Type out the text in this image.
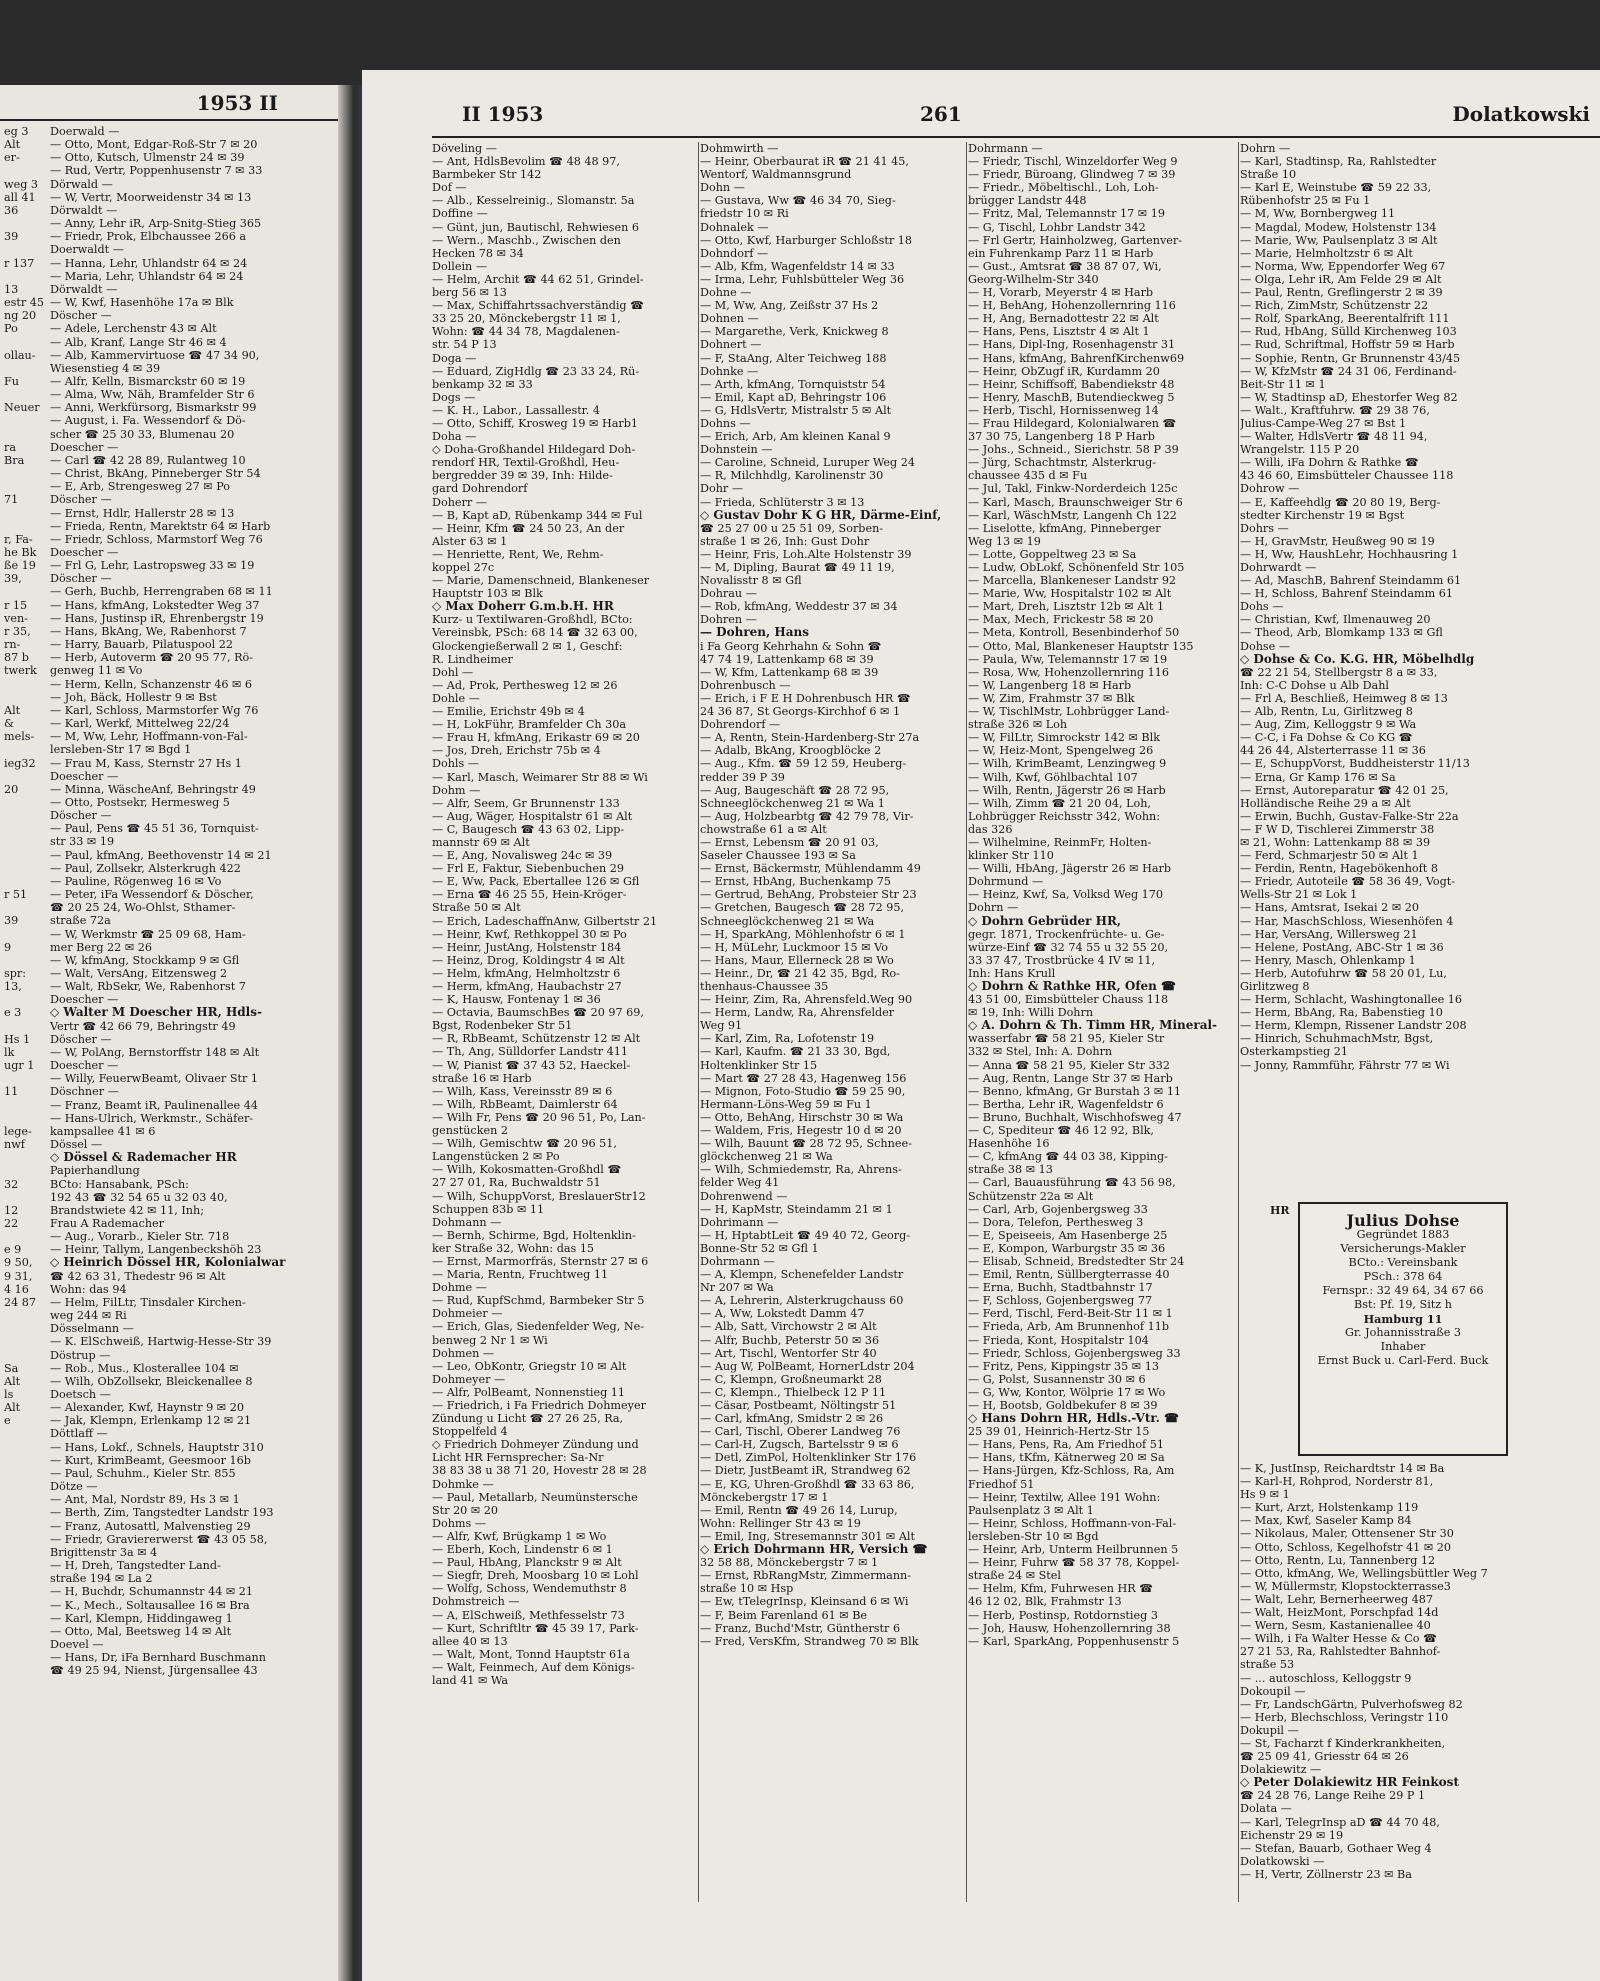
1953 II
eg 3
Alt
er-

weg 3
all 41
36

39

r 137

13
estr 45
ng 20
Po

ollau-

Fu

Neuer

ra
Bra

71

r, Fa-
he Bk
ße 19
39,

r 15
ven-
r 35,
rn-
87 b
twerk

Alt
&
mels-

ieg32

20

r 51

39

9

spr:
13,

e 3

Hs 1
lk
ugr 1

11

lege-
nwf

32

12
22

e 9
9 50,
9 31,
4 16
24 87

Sa
Alt
ls
Alt
e
Doerwald —
— Otto, Mont, Edgar-Roß-Str 7 ✉ 20
— Otto, Kutsch, Ulmenstr 24 ✉ 39
— Rud, Vertr, Poppenhusenstr 7 ✉ 33
Dörwald —
— W, Vertr, Moorweidenstr 34 ✉ 13
Dörwaldt —
— Anny, Lehr iR, Arp-Snitg-Stieg 365
— Friedr, Prok, Elbchaussee 266 a
Doerwaldt —
— Hanna, Lehr, Uhlandstr 64 ✉ 24
— Maria, Lehr, Uhlandstr 64 ✉ 24
Dörwaldt —
— W, Kwf, Hasenhöhe 17a ✉ Blk
Döscher —
— Adele, Lerchenstr 43 ✉ Alt
— Alb, Kranf, Lange Str 46 ✉ 4
— Alb, Kammervirtuose ☎ 47 34 90,
Wiesenstieg 4 ✉ 39
— Alfr, Kelln, Bismarckstr 60 ✉ 19
— Alma, Ww, Näh, Bramfelder Str 6
— Anni, Werkfürsorg, Bismarkstr 99
— August, i. Fa. Wessendorf & Dö-
scher ☎ 25 30 33, Blumenau 20
Doescher —
— Carl ☎ 42 28 89, Rulantweg 10
— Christ, BkAng, Pinneberger Str 54
— E, Arb, Strengesweg 27 ✉ Po
Döscher —
— Ernst, Hdlr, Hallerstr 28 ✉ 13
— Frieda, Rentn, Marektstr 64 ✉ Harb
— Friedr, Schloss, Marmstorf Weg 76
Doescher —
— Frl G, Lehr, Lastropsweg 33 ✉ 19
Döscher —
— Gerh, Buchb, Herrengraben 68 ✉ 11
— Hans, kfmAng, Lokstedter Weg 37
— Hans, Justinsp iR, Ehrenbergstr 19
— Hans, BkAng, We, Rabenhorst 7
— Harry, Bauarb, Pilatuspool 22
— Herb, Autoverm ☎ 20 95 77, Rö-
genweg 11 ✉ Vo
— Herm, Kelln, Schanzenstr 46 ✉ 6
— Joh, Bäck, Hollestr 9 ✉ Bst
— Karl, Schloss, Marmstorfer Wg 76
— Karl, Werkf, Mittelweg 22/24
— M, Ww, Lehr, Hoffmann-von-Fal-
lersleben-Str 17 ✉ Bgd 1
— Frau M, Kass, Sternstr 27 Hs 1
Doescher —
— Minna, WäscheAnf, Behringstr 49
— Otto, Postsekr, Hermesweg 5
Döscher —
— Paul, Pens ☎ 45 51 36, Tornquist-
str 33 ✉ 19
— Paul, kfmAng, Beethovenstr 14 ✉ 21
— Paul, Zollsekr, Alsterkrugh 422
— Pauline, Rögenweg 16 ✉ Vo
— Peter, iFa Wessendorf & Döscher,
☎ 20 25 24, Wo-Ohlst, Sthamer-
straße 72a
— W, Werkmstr ☎ 25 09 68, Ham-
mer Berg 22 ✉ 26
— W, kfmAng, Stockkamp 9 ✉ Gfl
— Walt, VersAng, Eitzensweg 2
— Walt, RbSekr, We, Rabenhorst 7
Doescher —
◇ Walter M Doescher HR, Hdls-
Vertr ☎ 42 66 79, Behringstr 49
Döscher —
— W, PolAng, Bernstorffstr 148 ✉ Alt
Doescher —
— Willy, FeuerwBeamt, Olivaer Str 1
Döschner —
— Franz, Beamt iR, Paulinenallee 44
— Hans-Ulrich, Werkmstr., Schäfer-
kampsallee 41 ✉ 6
Dössel —
◇ Dössel & Rademacher HR
Papierhandlung
BCto: Hansabank, PSch:
192 43 ☎ 32 54 65 u 32 03 40,
Brandstwiete 42 ✉ 11, Inh;
Frau A Rademacher
— Aug., Vorarb., Kieler Str. 718
— Heinr, Tallym, Langenbeckshöh 23
◇ Heinrich Dössel HR, Kolonialwar
☎ 42 63 31, Thedestr 96 ✉ Alt
Wohn: das 94
— Helm, FilLtr, Tinsdaler Kirchen-
weg 244 ✉ Ri
Dösselmann —
— K. ElSchweiß, Hartwig-Hesse-Str 39
Döstrup —
— Rob., Mus., Klosterallee 104 ✉
— Wilh, ObZollsekr, Bleickenallee 8
Doetsch —
— Alexander, Kwf, Haynstr 9 ✉ 20
— Jak, Klempn, Erlenkamp 12 ✉ 21
Döttlaff —
— Hans, Lokf., Schnels, Hauptstr 310
— Kurt, KrimBeamt, Geesmoor 16b
— Paul, Schuhm., Kieler Str. 855
Dötze —
— Ant, Mal, Nordstr 89, Hs 3 ✉ 1
— Berth, Zim, Tangstedter Landstr 193
— Franz, Autosattl, Malvenstieg 29
— Friedr, Graviererwerst ☎ 43 05 58,
Brigittenstr 3a ✉ 4
— H, Dreh, Tangstedter Land-
straße 194 ✉ La 2
— H, Buchdr, Schumannstr 44 ✉ 21
— K., Mech., Soltausallee 16 ✉ Bra
— Karl, Klempn, Hiddingaweg 1
— Otto, Mal, Beetsweg 14 ✉ Alt
Doevel —
— Hans, Dr, iFa Bernhard Buschmann
☎ 49 25 94, Nienst, Jürgensallee 43
II 1953	261	Dolatkowski
Döveling —
— Ant, HdlsBevolim ☎ 48 48 97,
Barmbeker Str 142
Dof —
— Alb., Kesselreinig., Slomanstr. 5a
Doffine —
— Günt, jun, Bautischl, Rehwiesen 6
— Wern., Maschb., Zwischen den
Hecken 78 ✉ 34
Dollein —
— Helm, Archit ☎ 44 62 51, Grindel-
berg 56 ✉ 13
— Max, Schiffahrtssachverständig ☎
33 25 20, Mönckebergstr 11 ✉ 1,
Wohn: ☎ 44 34 78, Magdalenen-
str. 54 P 13
Doga —
— Eduard, ZigHdlg ☎ 23 33 24, Rü-
benkamp 32 ✉ 33
Dogs —
— K. H., Labor., Lassallestr. 4
— Otto, Schiff, Krosweg 19 ✉ Harb1
Doha —
◇ Doha-Großhandel Hildegard Doh-
rendorf HR, Textil-Großhdl, Heu-
bergredder 39 ✉ 39, Inh: Hilde-
gard Dohrendorf
Doherr —
— B, Kapt aD, Rübenkamp 344 ✉ Ful
— Heinr, Kfm ☎ 24 50 23, An der
Alster 63 ✉ 1
— Henriette, Rent, We, Rehm-
koppel 27c
— Marie, Damenschneid, Blankeneser
Hauptstr 103 ✉ Blk
◇ Max Doherr G.m.b.H. HR
Kurz- u Textilwaren-Großhdl, BCto:
Vereinsbk, PSch: 68 14 ☎ 32 63 00,
Glockengießerwall 2 ✉ 1, Geschf:
R. Lindheimer
Dohl —
— Ad, Prok, Perthesweg 12 ✉ 26
Dohle —
— Emilie, Erichstr 49b ✉ 4
— H, LokFühr, Bramfelder Ch 30a
— Frau H, kfmAng, Erikastr 69 ✉ 20
— Jos, Dreh, Erichstr 75b ✉ 4
Dohls —
— Karl, Masch, Weimarer Str 88 ✉ Wi
Dohm —
— Alfr, Seem, Gr Brunnenstr 133
— Aug, Wäger, Hospitalstr 61 ✉ Alt
— C, Baugesch ☎ 43 63 02, Lipp-
mannstr 69 ✉ Alt
— E, Ang, Novalisweg 24c ✉ 39
— Frl E, Faktur, Siebenbuchen 29
— E, Ww, Pack, Ebertallee 126 ✉ Gfl
— Erna ☎ 46 25 55, Hein-Kröger-
Straße 50 ✉ Alt
— Erich, LadeschaffnAnw, Gilbertstr 21
— Heinr, Kwf, Rethkoppel 30 ✉ Po
— Heinr, JustAng, Holstenstr 184
— Heinz, Drog, Koldingstr 4 ✉ Alt
— Helm, kfmAng, Helmholtzstr 6
— Herm, kfmAng, Haubachstr 27
— K, Hausw, Fontenay 1 ✉ 36
— Octavia, BaumschBes ☎ 20 97 69,
Bgst, Rodenbeker Str 51
— R, RbBeamt, Schützenstr 12 ✉ Alt
— Th, Ang, Sülldorfer Landstr 411
— W, Pianist ☎ 37 43 52, Haeckel-
straße 16 ✉ Harb
— Wilh, Kass, Vereinsstr 89 ✉ 6
— Wilh, RbBeamt, Daimlerstr 64
— Wilh Fr, Pens ☎ 20 96 51, Po, Lan-
genstücken 2
— Wilh, Gemischtw ☎ 20 96 51,
Langenstücken 2 ✉ Po
— Wilh, Kokosmatten-Großhdl ☎
27 27 01, Ra, Buchwaldstr 51
— Wilh, SchuppVorst, BreslauerStr12
Schuppen 83b ✉ 11
Dohmann —
— Bernh, Schirme, Bgd, Holtenklin-
ker Straße 32, Wohn: das 15
— Ernst, Marmorfräs, Sternstr 27 ✉ 6
— Maria, Rentn, Fruchtweg 11
Dohme —
— Rud, KupfSchmd, Barmbeker Str 5
Dohmeier —
— Erich, Glas, Siedenfelder Weg, Ne-
benweg 2 Nr 1 ✉ Wi
Dohmen —
— Leo, ObKontr, Griegstr 10 ✉ Alt
Dohmeyer —
— Alfr, PolBeamt, Nonnenstieg 11
— Friedrich, i Fa Friedrich Dohmeyer
Zündung u Licht ☎ 27 26 25, Ra,
Stoppelfeld 4
◇ Friedrich Dohmeyer Zündung und
Licht HR Fernsprecher: Sa-Nr
38 83 38 u 38 71 20, Hovestr 28 ✉ 28
Dohmke —
— Paul, Metallarb, Neumünstersche
Str 20 ✉ 20
Dohms —
— Alfr, Kwf, Brügkamp 1 ✉ Wo
— Eberh, Koch, Lindenstr 6 ✉ 1
— Paul, HbAng, Planckstr 9 ✉ Alt
— Siegfr, Dreh, Moosbarg 10 ✉ Lohl
— Wolfg, Schoss, Wendemuthstr 8
Dohmstreich —
— A, ElSchweiß, Methfesselstr 73
— Kurt, Schriftltr ☎ 45 39 17, Park-
allee 40 ✉ 13
— Walt, Mont, Tonnd Hauptstr 61a
— Walt, Feinmech, Auf dem Königs-
land 41 ✉ Wa
Dohmwirth —
— Heinr, Oberbaurat iR ☎ 21 41 45,
Wentorf, Waldmannsgrund
Dohn —
— Gustava, Ww ☎ 46 34 70, Sieg-
friedstr 10 ✉ Ri
Dohnalek —
— Otto, Kwf, Harburger Schloßstr 18
Dohndorf —
— Alb, Kfm, Wagenfeldstr 14 ✉ 33
— Irma, Lehr, Fuhlsbütteler Weg 36
Dohne —
— M, Ww, Ang, Zeißstr 37 Hs 2
Dohnen —
— Margarethe, Verk, Knickweg 8
Dohnert —
— F, StaAng, Alter Teichweg 188
Dohnke —
— Arth, kfmAng, Tornquiststr 54
— Emil, Kapt aD, Behringstr 106
— G, HdlsVertr, Mistralstr 5 ✉ Alt
Dohns —
— Erich, Arb, Am kleinen Kanal 9
Dohnstein —
— Caroline, Schneid, Luruper Weg 24
— R, Milchhdlg, Karolinenstr 30
Dohr —
— Frieda, Schlüterstr 3 ✉ 13
◇ Gustav Dohr K G HR, Därme-Einf,
☎ 25 27 00 u 25 51 09, Sorben-
straße 1 ✉ 26, Inh: Gust Dohr
— Heinr, Fris, Loh.Alte Holstenstr 39
— M, Dipling, Baurat ☎ 49 11 19,
Novalisstr 8 ✉ Gfl
Dohrau —
— Rob, kfmAng, Weddestr 37 ✉ 34
Dohren —
— Dohren, Hans
i Fa Georg Kehrhahn & Sohn ☎
47 74 19, Lattenkamp 68 ✉ 39
— W, Kfm, Lattenkamp 68 ✉ 39
Dohrenbusch —
— Erich, i F E H Dohrenbusch HR ☎
24 36 87, St Georgs-Kirchhof 6 ✉ 1
Dohrendorf —
— A, Rentn, Stein-Hardenberg-Str 27a
— Adalb, BkAng, Kroogblöcke 2
— Aug., Kfm. ☎ 59 12 59, Heuberg-
redder 39 P 39
— Aug, Baugeschäft ☎ 28 72 95,
Schneeglöckchenweg 21 ✉ Wa 1
— Aug, Holzbearbtg ☎ 42 79 78, Vir-
chowstraße 61 a ✉ Alt
— Ernst, Lebensm ☎ 20 91 03,
Saseler Chaussee 193 ✉ Sa
— Ernst, Bäckermstr, Mühlendamm 49
— Ernst, HbAng, Buchenkamp 75
— Gertrud, BehAng, Probsteier Str 23
— Gretchen, Baugesch ☎ 28 72 95,
Schneeglöckchenweg 21 ✉ Wa
— H, SparkAng, Möhlenhofstr 6 ✉ 1
— H, MüLehr, Luckmoor 15 ✉ Vo
— Hans, Maur, Ellerneck 28 ✉ Wo
— Heinr., Dr, ☎ 21 42 35, Bgd, Ro-
thenhaus-Chaussee 35
— Heinr, Zim, Ra, Ahrensfeld.Weg 90
— Herm, Landw, Ra, Ahrensfelder
Weg 91
— Karl, Zim, Ra, Lofotenstr 19
— Karl, Kaufm. ☎ 21 33 30, Bgd,
Holtenklinker Str 15
— Mart ☎ 27 28 43, Hagenweg 156
— Mignon, Foto-Studio ☎ 59 25 90,
Hermann-Löns-Weg 59 ✉ Fu 1
— Otto, BehAng, Hirschstr 30 ✉ Wa
— Waldem, Fris, Hegestr 10 d ✉ 20
— Wilh, Bauunt ☎ 28 72 95, Schnee-
glöckchenweg 21 ✉ Wa
— Wilh, Schmiedemstr, Ra, Ahrens-
felder Weg 41
Dohrenwend —
— H, KapMstr, Steindamm 21 ✉ 1
Dohrimann —
— H, HptabtLeit ☎ 49 40 72, Georg-
Bonne-Str 52 ✉ Gfl 1
Dohrmann —
— A, Klempn, Schenefelder Landstr
Nr 207 ✉ Wa
— A, Lehrerin, Alsterkrugchauss 60
— A, Ww, Lokstedt Damm 47
— Alb, Satt, Virchowstr 2 ✉ Alt
— Alfr, Buchb, Peterstr 50 ✉ 36
— Art, Tischl, Wentorfer Str 40
— Aug W, PolBeamt, HornerLdstr 204
— C, Klempn, Großneumarkt 28
— C, Klempn., Thielbeck 12 P 11
— Cäsar, Postbeamt, Nöltingstr 51
— Carl, kfmAng, Smidstr 2 ✉ 26
— Carl, Tischl, Oberer Landweg 76
— Carl-H, Zugsch, Bartelsstr 9 ✉ 6
— Detl, ZimPol, Holtenklinker Str 176
— Dietr, JustBeamt iR, Strandweg 62
— E, KG, Uhren-Großhdl ☎ 33 63 86,
Mönckebergstr 17 ✉ 1
— Emil, Rentn ☎ 49 26 14, Lurup,
Wohn: Rellinger Str 43 ✉ 19
— Emil, Ing, Stresemannstr 301 ✉ Alt
◇ Erich Dohrmann HR, Versich ☎
32 58 88, Mönckebergstr 7 ✉ 1
— Ernst, RbRangMstr, Zimmermann-
straße 10 ✉ Hsp
— Ew, tTelegrInsp, Kleinsand 6 ✉ Wi
— F, Beim Farenland 61 ✉ Be
— Franz, Buchd'Mstr, Güntherstr 6
— Fred, VersKfm, Strandweg 70 ✉ Blk
Dohrmann —
— Friedr, Tischl, Winzeldorfer Weg 9
— Friedr, Büroang, Glindweg 7 ✉ 39
— Friedr., Möbeltischl., Loh, Loh-
brügger Landstr 448
— Fritz, Mal, Telemannstr 17 ✉ 19
— G, Tischl, Lohbr Landstr 342
— Frl Gertr, Hainholzweg, Gartenver-
ein Fuhrenkamp Parz 11 ✉ Harb
— Gust., Amtsrat ☎ 38 87 07, Wi,
Georg-Wilhelm-Str 340
— H, Vorarb, Meyerstr 4 ✉ Harb
— H, BehAng, Hohenzollernring 116
— H, Ang, Bernadottestr 22 ✉ Alt
— Hans, Pens, Lisztstr 4 ✉ Alt 1
— Hans, Dipl-Ing, Rosenhagenstr 31
— Hans, kfmAng, BahrenfKirchenw69
— Heinr, ObZugf iR, Kurdamm 20
— Heinr, Schiffsoff, Babendiekstr 48
— Henry, MaschB, Butendieckweg 5
— Herb, Tischl, Hornissenweg 14
— Frau Hildegard, Kolonialwaren ☎
37 30 75, Langenberg 18 P Harb
— Johs., Schneid., Sierichstr. 58 P 39
— Jürg, Schachtmstr, Alsterkrug-
chaussee 435 d ✉ Fu
— Jul, Takl, Finkw-Norderdeich 125c
— Karl, Masch, Braunschweiger Str 6
— Karl, WäschMstr, Langenh Ch 122
— Liselotte, kfmAng, Pinneberger
Weg 13 ✉ 19
— Lotte, Goppeltweg 23 ✉ Sa
— Ludw, ObLokf, Schönenfeld Str 105
— Marcella, Blankeneser Landstr 92
— Marie, Ww, Hospitalstr 102 ✉ Alt
— Mart, Dreh, Lisztstr 12b ✉ Alt 1
— Max, Mech, Frickestr 58 ✉ 20
— Meta, Kontroll, Besenbinderhof 50
— Otto, Mal, Blankeneser Hauptstr 135
— Paula, Ww, Telemannstr 17 ✉ 19
— Rosa, Ww, Hohenzollernring 116
— W, Langenberg 18 ✉ Harb
— W, Zim, Frahmstr 37 ✉ Blk
— W, TischlMstr, Lohbrügger Land-
straße 326 ✉ Loh
— W, FilLtr, Simrockstr 142 ✉ Blk
— W, Heiz-Mont, Spengelweg 26
— Wilh, KrimBeamt, Lenzingweg 9
— Wilh, Kwf, Göhlbachtal 107
— Wilh, Rentn, Jägerstr 26 ✉ Harb
— Wilh, Zimm ☎ 21 20 04, Loh,
Lohbrügger Reichsstr 342, Wohn:
das 326
— Wilhelmine, ReinmFr, Holten-
klinker Str 110
— Willi, HbAng, Jägerstr 26 ✉ Harb
Dohrmund —
— Heinz, Kwf, Sa, Volksd Weg 170
Dohrn —
◇ Dohrn Gebrüder HR,
gegr. 1871, Trockenfrüchte- u. Ge-
würze-Einf ☎ 32 74 55 u 32 55 20,
33 37 47, Trostbrücke 4 IV ✉ 11,
Inh: Hans Krull
◇ Dohrn & Rathke HR, Öfen ☎
43 51 00, Eimsbütteler Chauss 118
✉ 19, Inh: Willi Dohrn
◇ A. Dohrn & Th. Timm HR, Mineral-
wasserfabr ☎ 58 21 95, Kieler Str
332 ✉ Stel, Inh: A. Dohrn
— Anna ☎ 58 21 95, Kieler Str 332
— Aug, Rentn, Lange Str 37 ✉ Harb
— Benno, kfmAng, Gr Burstah 3 ✉ 11
— Bertha, Lehr iR, Wagenfeldstr 6
— Bruno, Buchhalt, Wischhofsweg 47
— C, Spediteur ☎ 46 12 92, Blk,
Hasenhöhe 16
— C, kfmAng ☎ 44 03 38, Kipping-
straße 38 ✉ 13
— Carl, Bauausführung ☎ 43 56 98,
Schützenstr 22a ✉ Alt
— Carl, Arb, Gojenbergsweg 33
— Dora, Telefon, Perthesweg 3
— E, Speiseeis, Am Hasenberge 25
— E, Kompon, Warburgstr 35 ✉ 36
— Elisab, Schneid, Bredstedter Str 24
— Emil, Rentn, Süllbergterrasse 40
— Erna, Buchh, Stadtbahnstr 17
— F, Schloss, Gojenbergsweg 77
— Ferd, Tischl, Ferd-Beit-Str 11 ✉ 1
— Frieda, Arb, Am Brunnenhof 11b
— Frieda, Kont, Hospitalstr 104
— Friedr, Schloss, Gojenbergsweg 33
— Fritz, Pens, Kippingstr 35 ✉ 13
— G, Polst, Susannenstr 30 ✉ 6
— G, Ww, Kontor, Wölprie 17 ✉ Wo
— H, Bootsb, Goldbekufer 8 ✉ 39
◇ Hans Dohrn HR, Hdls.-Vtr. ☎
25 39 01, Heinrich-Hertz-Str 15
— Hans, Pens, Ra, Am Friedhof 51
— Hans, tKfm, Kätnerweg 20 ✉ Sa
— Hans-Jürgen, Kfz-Schloss, Ra, Am
Friedhof 51
— Heinr, Textilw, Allee 191 Wohn:
Paulsenplatz 3 ✉ Alt 1
— Heinr, Schloss, Hoffmann-von-Fal-
lersleben-Str 10 ✉ Bgd
— Heinr, Arb, Unterm Heilbrunnen 5
— Heinr, Fuhrw ☎ 58 37 78, Koppel-
straße 24 ✉ Stel
— Helm, Kfm, Fuhrwesen HR ☎
46 12 02, Blk, Frahmstr 13
— Herb, Postinsp, Rotdornstieg 3
— Joh, Hausw, Hohenzollernring 38
— Karl, SparkAng, Poppenhusenstr 5
Dohrn —
— Karl, Stadtinsp, Ra, Rahlstedter
Straße 10
— Karl E, Weinstube ☎ 59 22 33,
Rübenhofstr 25 ✉ Fu 1
— M, Ww, Bornbergweg 11
— Magdal, Modew, Holstenstr 134
— Marie, Ww, Paulsenplatz 3 ✉ Alt
— Marie, Helmholtzstr 6 ✉ Alt
— Norma, Ww, Eppendorfer Weg 67
— Olga, Lehr iR, Am Felde 29 ✉ Alt
— Paul, Rentn, Greflingerstr 2 ✉ 39
— Rich, ZimMstr, Schützenstr 22
— Rolf, SparkAng, Beerentalfrift 111
— Rud, HbAng, Sülld Kirchenweg 103
— Rud, Schriftmal, Hoffstr 59 ✉ Harb
— Sophie, Rentn, Gr Brunnenstr 43/45
— W, KfzMstr ☎ 24 31 06, Ferdinand-
Beit-Str 11 ✉ 1
— W, Stadtinsp aD, Ehestorfer Weg 82
— Walt., Kraftfuhrw. ☎ 29 38 76,
Julius-Campe-Weg 27 ✉ Bst 1
— Walter, HdlsVertr ☎ 48 11 94,
Wrangelstr. 115 P 20
— Willi, iFa Dohrn & Rathke ☎
43 46 60, Eimsbütteler Chaussee 118
Dohrow —
— E, Kaffeehdlg ☎ 20 80 19, Berg-
stedter Kirchenstr 19 ✉ Bgst
Dohrs —
— H, GravMstr, Heußweg 90 ✉ 19
— H, Ww, HaushLehr, Hochhausring 1
Dohrwardt —
— Ad, MaschB, Bahrenf Steindamm 61
— H, Schloss, Bahrenf Steindamm 61
Dohs —
— Christian, Kwf, Ilmenauweg 20
— Theod, Arb, Blomkamp 133 ✉ Gfl
Dohse —
◇ Dohse & Co. K.G. HR, Möbelhdlg
☎ 22 21 54, Stellbergstr 8 a ✉ 33,
Inh: C-C Dohse u Alb Dahl
— Frl A, Beschließ, Heimweg 8 ✉ 13
— Alb, Rentn, Lu, Girlitzweg 8
— Aug, Zim, Kelloggstr 9 ✉ Wa
— C-C, i Fa Dohse & Co KG ☎
44 26 44, Alsterterrasse 11 ✉ 36
— E, SchuppVorst, Buddheisterstr 11/13
— Erna, Gr Kamp 176 ✉ Sa
— Ernst, Autoreparatur ☎ 42 01 25,
Holländische Reihe 29 a ✉ Alt
— Erwin, Buchh, Gustav-Falke-Str 22a
— F W D, Tischlerei Zimmerstr 38
✉ 21, Wohn: Lattenkamp 88 ✉ 39
— Ferd, Schmarjestr 50 ✉ Alt 1
— Ferdin, Rentn, Hagebökenhoft 8
— Friedr, Autoteile ☎ 58 36 49, Vogt-
Wells-Str 21 ✉ Lok 1
— Hans, Amtsrat, Isekai 2 ✉ 20
— Har, MaschSchloss, Wiesenhöfen 4
— Har, VersAng, Willersweg 21
— Helene, PostAng, ABC-Str 1 ✉ 36
— Henry, Masch, Ohlenkamp 1
— Herb, Autofuhrw ☎ 58 20 01, Lu,
Girlitzweg 8
— Herm, Schlacht, Washingtonallee 16
— Herm, BbAng, Ra, Babenstieg 10
— Herm, Klempn, Rissener Landstr 208
— Hinrich, SchuhmachMstr, Bgst,
Osterkampstieg 21
— Jonny, Rammführ, Fährstr 77 ✉ Wi
HR
Julius Dohse
Gegründet 1883
Versicherungs-Makler
BCto.: Vereinsbank
PSch.: 378 64
Fernspr.: 32 49 64, 34 67 66
Bst: Pf. 19, Sitz h
Hamburg 11
Gr. Johannisstraße 3
Inhaber
Ernst Buck u. Carl-Ferd. Buck
— K, JustInsp, Reichardtstr 14 ✉ Ba
— Karl-H, Rohprod, Norderstr 81,
Hs 9 ✉ 1
— Kurt, Arzt, Holstenkamp 119
— Max, Kwf, Saseler Kamp 84
— Nikolaus, Maler, Ottensener Str 30
— Otto, Schloss, Kegelhofstr 41 ✉ 20
— Otto, Rentn, Lu, Tannenberg 12
— Otto, kfmAng, We, Wellingsbüttler Weg 7
— W, Müllermstr, Klopstockterrasse3
— Walt, Lehr, Bernerheerweg 487
— Walt, HeizMont, Porschpfad 14d
— Wern, Sesm, Kastanienallee 40
— Wilh, i Fa Walter Hesse & Co ☎
27 21 53, Ra, Rahlstedter Bahnhof-
straße 53
— ... autoschloss, Kelloggstr 9
Dokoupil —
— Fr, LandschGärtn, Pulverhofsweg 82
— Herb, Blechschloss, Veringstr 110
Dokupil —
— St, Facharzt f Kinderkrankheiten,
☎ 25 09 41, Griesstr 64 ✉ 26
Dolakiewitz —
◇ Peter Dolakiewitz HR Feinkost
☎ 24 28 76, Lange Reihe 29 P 1
Dolata —
— Karl, TelegrInsp aD ☎ 44 70 48,
Eichenstr 29 ✉ 19
— Stefan, Bauarb, Gothaer Weg 4
Dolatkowski —
— H, Vertr, Zöllnerstr 23 ✉ Ba
